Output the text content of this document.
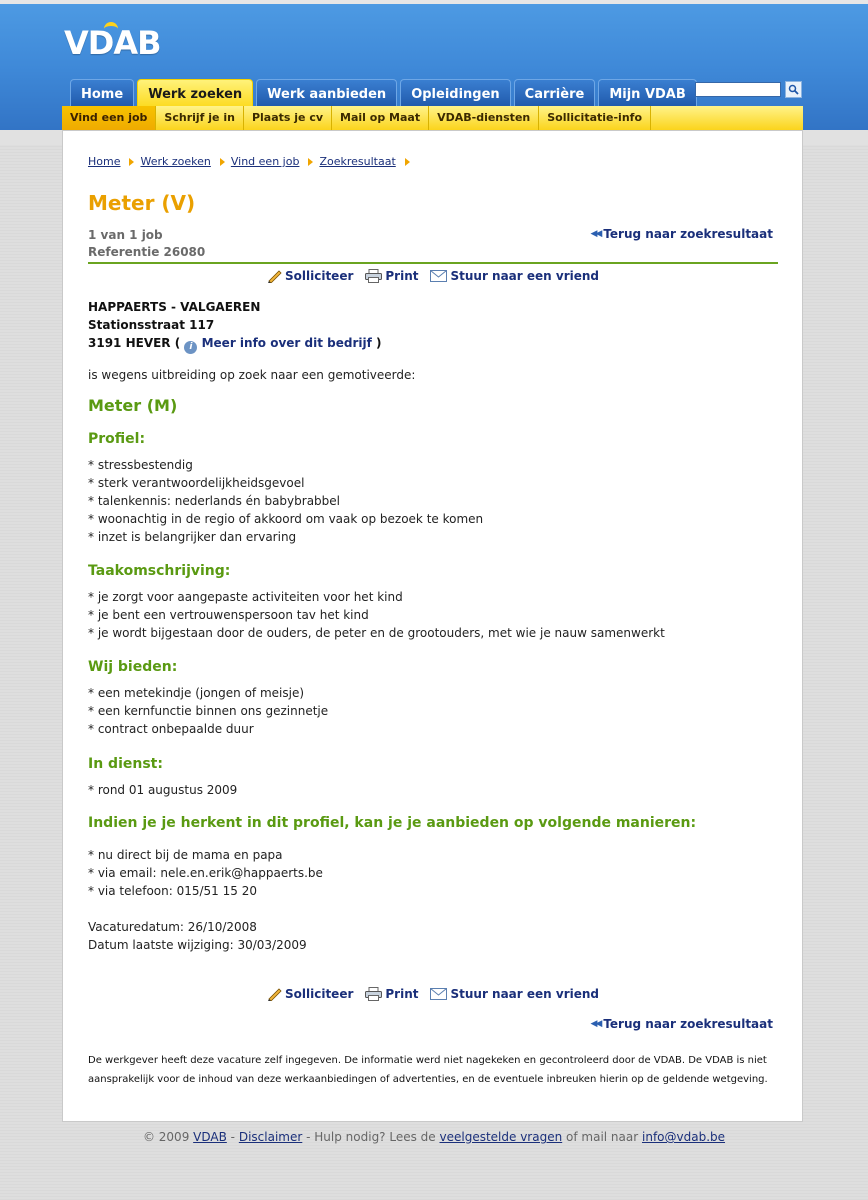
VDAB
Home	Werk zoeken	Werk aanbieden	Opleidingen	Carrière	Mijn VDAB
Vind een job	Schrijf je in	Plaats je cv	Mail op Maat	VDAB-diensten	Sollicitatie-info
Home Werk zoeken Vind een job Zoekresultaat
Meter (V)
1 van 1 job
Referentie 26080
◀◀ Terug naar zoekresultaat
Solliciteer	Print	Stuur naar een vriend
HAPPAERTS - VALGAEREN
Stationsstraat 117
3191 HEVER ( i Meer info over dit bedrijf )
is wegens uitbreiding op zoek naar een gemotiveerde:
Meter (M)
Profiel:
* stressbestendig
* sterk verantwoordelijkheidsgevoel
* talenkennis: nederlands én babybrabbel
* woonachtig in de regio of akkoord om vaak op bezoek te komen
* inzet is belangrijker dan ervaring
Taakomschrijving:
* je zorgt voor aangepaste activiteiten voor het kind
* je bent een vertrouwenspersoon tav het kind
* je wordt bijgestaan door de ouders, de peter en de grootouders, met wie je nauw samenwerkt
Wij bieden:
* een metekindje (jongen of meisje)
* een kernfunctie binnen ons gezinnetje
* contract onbepaalde duur
In dienst:
* rond 01 augustus 2009
Indien je je herkent in dit profiel, kan je je aanbieden op volgende manieren:
* nu direct bij de mama en papa
* via email: nele.en.erik@happaerts.be
* via telefoon: 015/51 15 20
Vacaturedatum: 26/10/2008
Datum laatste wijziging: 30/03/2009
Solliciteer	Print	Stuur naar een vriend
◀◀ Terug naar zoekresultaat
De werkgever heeft deze vacature zelf ingegeven. De informatie werd niet nagekeken en gecontroleerd door de VDAB. De VDAB is niet aansprakelijk voor de inhoud van deze werkaanbiedingen of advertenties, en de eventuele inbreuken hierin op de geldende wetgeving.
© 2009 VDAB - Disclaimer - Hulp nodig? Lees de veelgestelde vragen of mail naar info@vdab.be
